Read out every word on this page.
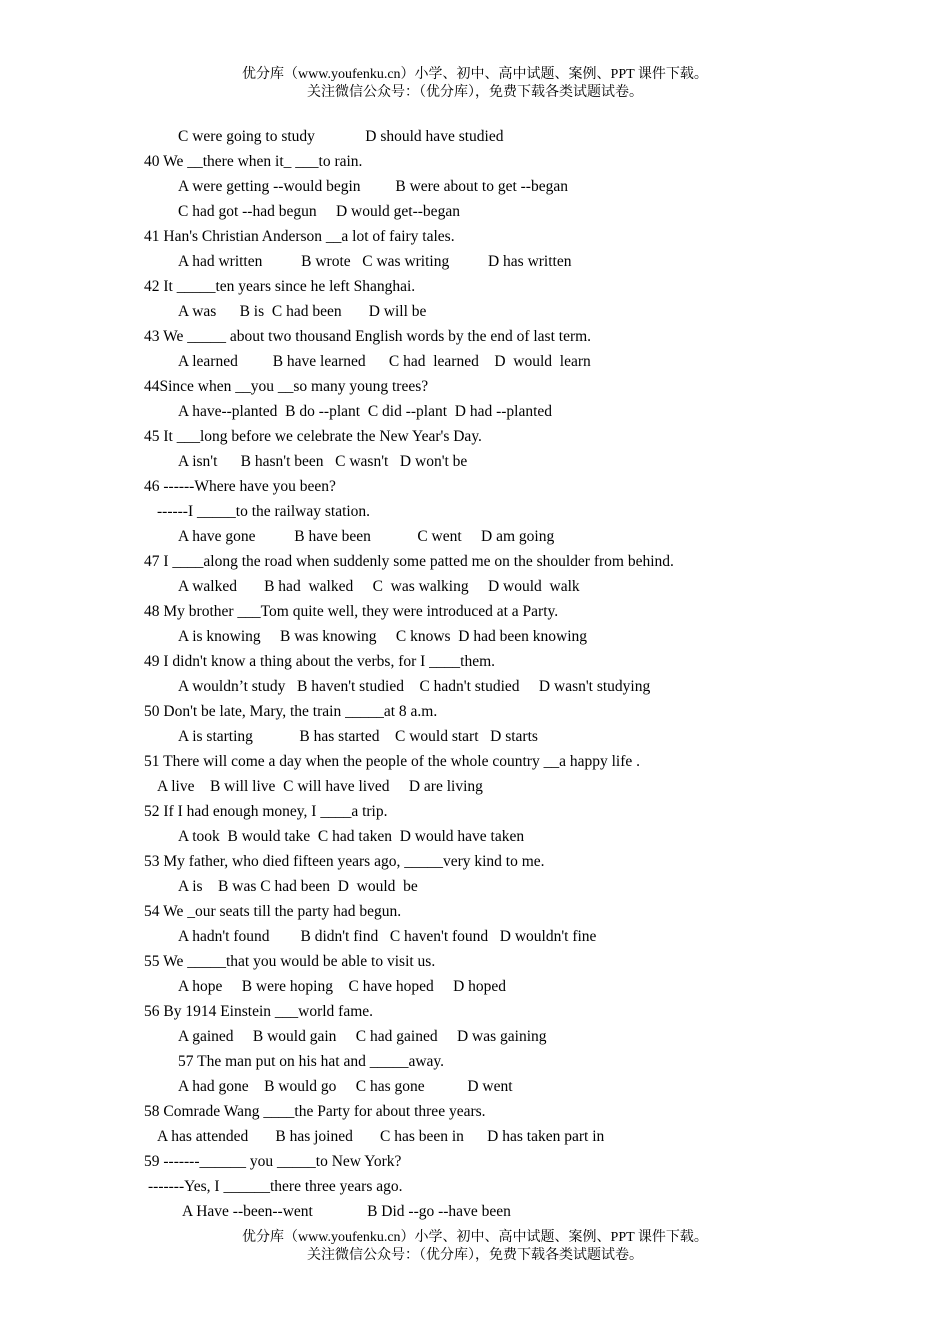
优分库（www.youfenku.cn）小学、初中、高中试题、案例、PPT 课件下载。
关注微信公众号：（优分库），免费下载各类试题试卷。
C were going to study             D should have studied
40 We __there when it_ ___to rain.
A were getting --would begin         B were about to get --began
C had got --had begun     D would get--began
41 Han's Christian Anderson __a lot of fairy tales.
A had written          B wrote   C was writing          D has written
42 It _____ten years since he left Shanghai.
A was      B is  C had been       D will be
43 We _____ about two thousand English words by the end of last term.
A learned         B have learned      C had  learned    D  would  learn
44Since when __you __so many young trees?
A have--planted  B do --plant  C did --plant  D had --planted
45 It ___long before we celebrate the New Year's Day.
A isn't      B hasn't been   C wasn't   D won't be
46 ------Where have you been?
------I _____to the railway station.
A have gone          B have been            C went     D am going
47 I ____along the road when suddenly some patted me on the shoulder from behind.
A walked       B had  walked     C  was walking     D would  walk
48 My brother ___Tom quite well, they were introduced at a Party.
A is knowing     B was knowing     C knows  D had been knowing
49 I didn't know a thing about the verbs, for I ____them.
A wouldn’t study   B haven't studied    C hadn't studied     D wasn't studying
50 Don't be late, Mary, the train _____at 8 a.m.
A is starting            B has started    C would start   D starts
51 There will come a day when the people of the whole country __a happy life .
A live    B will live  C will have lived     D are living
52 If I had enough money, I ____a trip.
A took  B would take  C had taken  D would have taken
53 My father, who died fifteen years ago, _____very kind to me.
A is    B was C had been  D  would  be
54 We _our seats till the party had begun.
A hadn't found        B didn't find   C haven't found   D wouldn't fine
55 We _____that you would be able to visit us.
A hope     B were hoping    C have hoped     D hoped
56 By 1914 Einstein ___world fame.
A gained     B would gain     C had gained     D was gaining
57 The man put on his hat and _____away.
A had gone    B would go     C has gone           D went
58 Comrade Wang ____the Party for about three years.
A has attended       B has joined       C has been in      D has taken part in
59 -------______ you _____to New York?
-------Yes, I ______there three years ago.
A Have --been--went              B Did --go --have been
优分库（www.youfenku.cn）小学、初中、高中试题、案例、PPT 课件下载。
关注微信公众号：（优分库），免费下载各类试题试卷。
